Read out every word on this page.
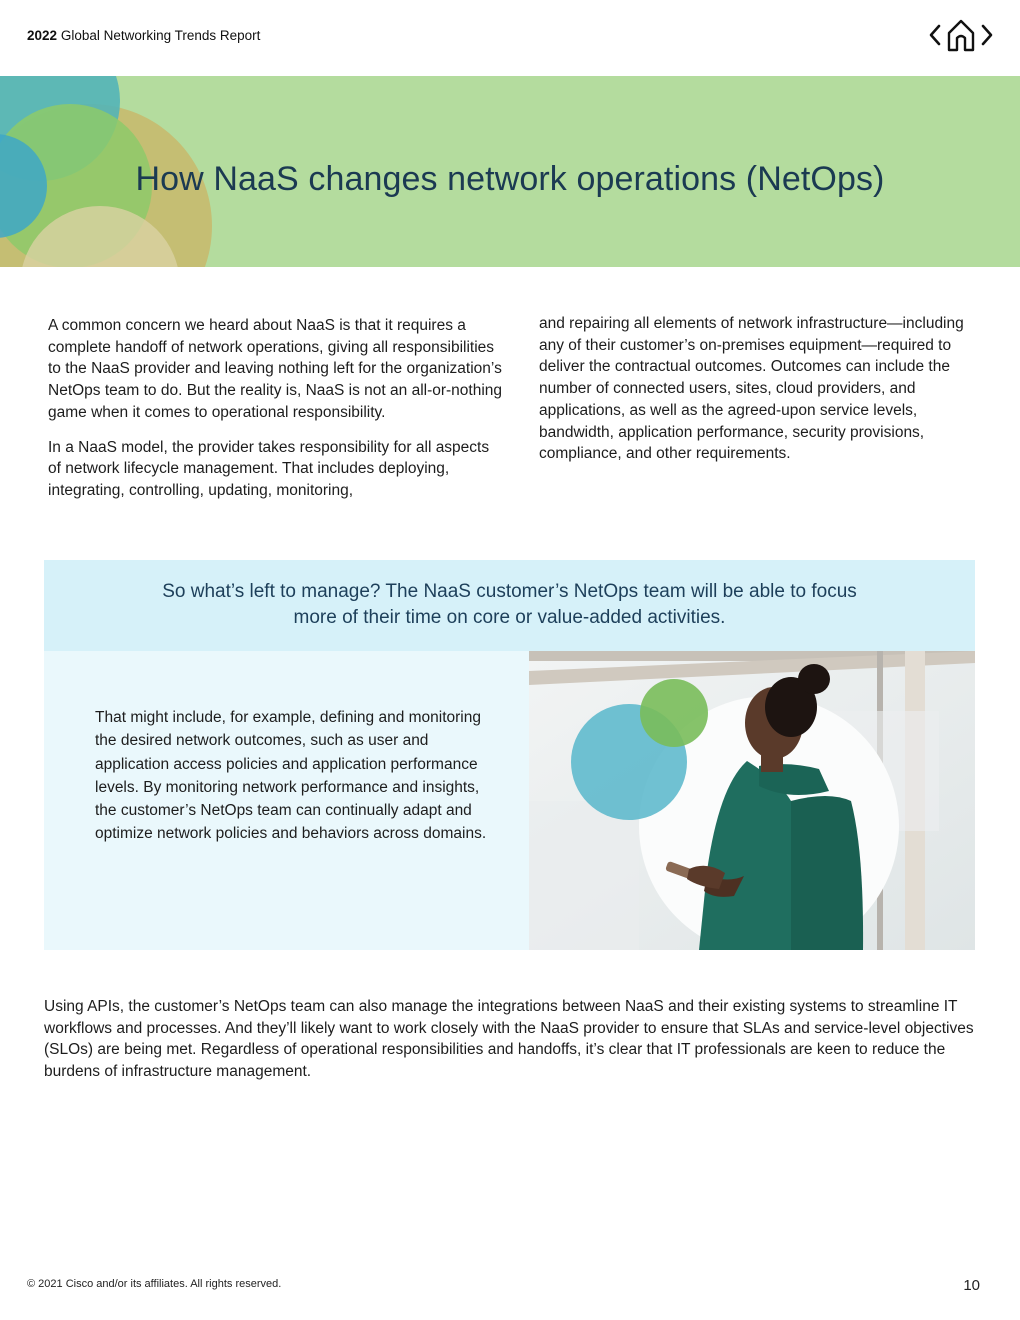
2022 Global Networking Trends Report
How NaaS changes network operations (NetOps)

A common concern we heard about NaaS is that it requires a complete handoff of network operations, giving all responsibilities to the NaaS provider and leaving nothing left for the organization’s NetOps team to do. But the reality is, NaaS is not an all-or-nothing game when it comes to operational responsibility.

In a NaaS model, the provider takes responsibility for all aspects of network lifecycle management. That includes deploying, integrating, controlling, updating, monitoring,

and repairing all elements of network infrastructure—including any of their customer’s on-premises equipment—required to deliver the contractual outcomes. Outcomes can include the number of connected users, sites, cloud providers, and applications, as well as the agreed-upon service levels, bandwidth, application performance, security provisions, compliance, and other requirements.

So what’s left to manage? The NaaS customer’s NetOps team will be able to focus
more of their time on core or value-added activities.
That might include, for example, defining and monitoring the desired network outcomes, such as user and application access policies and application performance levels. By monitoring network performance and insights, the customer’s NetOps team can continually adapt and optimize network policies and behaviors across domains.
Using APIs, the customer’s NetOps team can also manage the integrations between NaaS and their existing systems to streamline IT workflows and processes. And they’ll likely want to work closely with the NaaS provider to ensure that SLAs and service-level objectives (SLOs) are being met. Regardless of operational responsibilities and handoffs, it’s clear that IT professionals are keen to reduce the burdens of infrastructure management.
© 2021 Cisco and/or its affiliates. All rights reserved.	10
